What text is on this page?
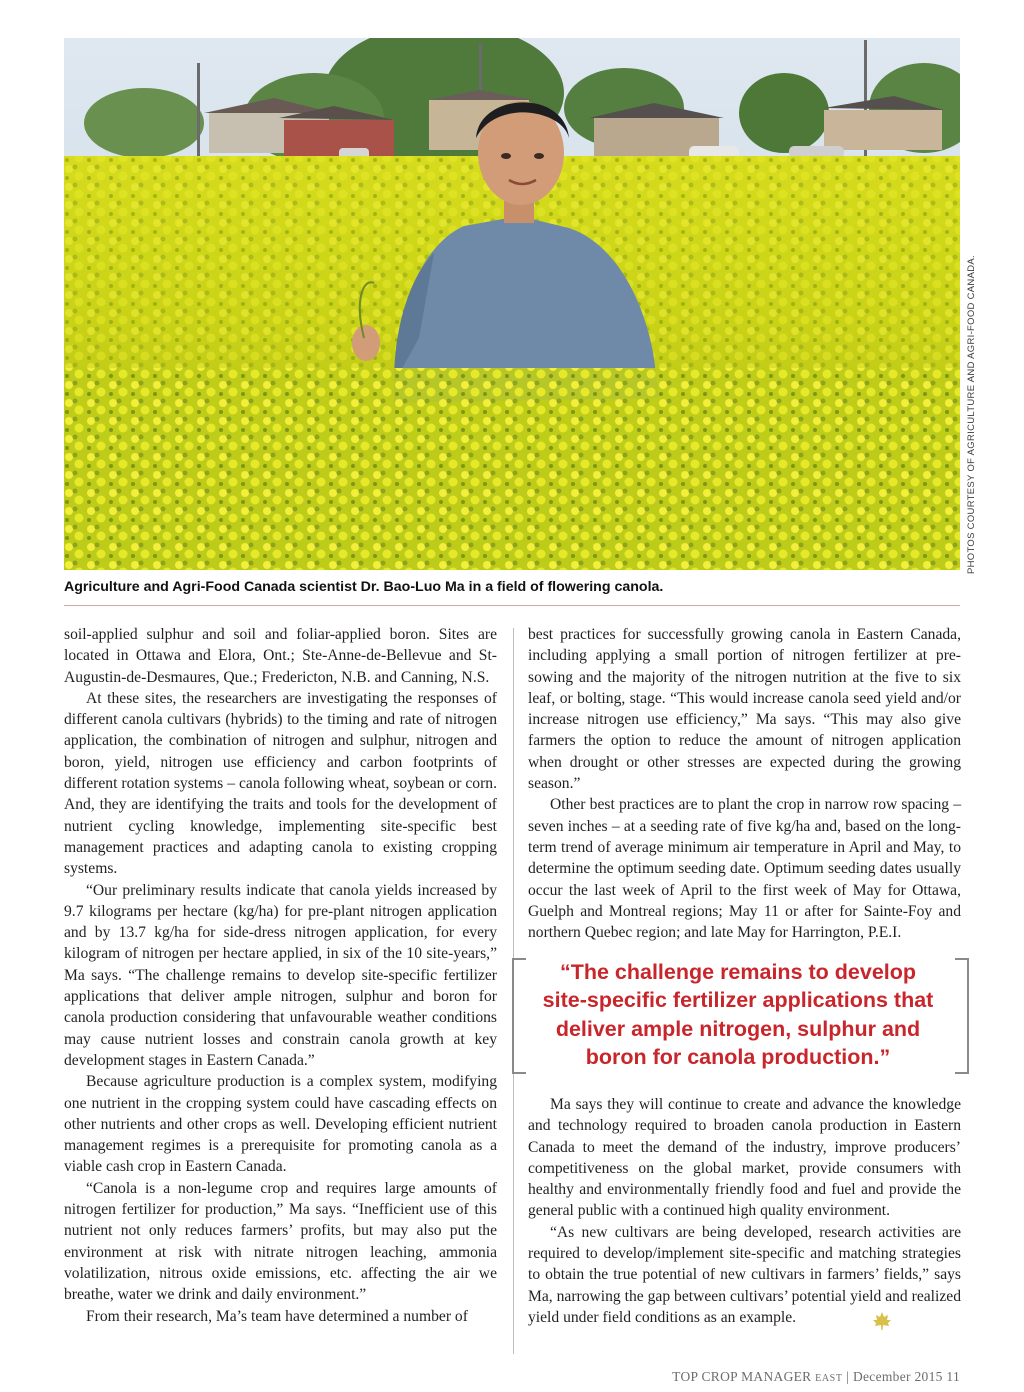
PHOTOS COURTESY OF AGRICULTURE AND AGRI-FOOD CANADA.
Agriculture and Agri-Food Canada scientist Dr. Bao-Luo Ma in a field of flowering canola.

soil-applied sulphur and soil and foliar-applied boron. Sites are located in Ottawa and Elora, Ont.; Ste-Anne-de-Bellevue and St-Augustin-de-Desmaures, Que.; Fredericton, N.B. and Canning, N.S.

At these sites, the researchers are investigating the responses of different canola cultivars (hybrids) to the timing and rate of nitrogen application, the combination of nitrogen and sulphur, nitrogen and boron, yield, nitrogen use efficiency and carbon footprints of different rotation systems – canola following wheat, soybean or corn. And, they are identifying the traits and tools for the development of nutrient cycling knowledge, implementing site-specific best management practices and adapting canola to existing cropping systems.

“Our preliminary results indicate that canola yields increased by 9.7 kilograms per hectare (kg/ha) for pre-plant nitrogen application and by 13.7 kg/ha for side-dress nitrogen application, for every kilogram of nitrogen per hectare applied, in six of the 10 site-years,” Ma says. “The challenge remains to develop site-specific fertilizer applications that deliver ample nitrogen, sulphur and boron for canola production considering that unfavourable weather conditions may cause nutrient losses and constrain canola growth at key development stages in Eastern Canada.”

Because agriculture production is a complex system, modifying one nutrient in the cropping system could have cascading effects on other nutrients and other crops as well. Developing efficient nutrient management regimes is a prerequisite for promoting canola as a viable cash crop in Eastern Canada.

“Canola is a non-legume crop and requires large amounts of nitrogen fertilizer for production,” Ma says. “Inefficient use of this nutrient not only reduces farmers’ profits, but may also put the environment at risk with nitrate nitrogen leaching, ammonia volatilization, nitrous oxide emissions, etc. affecting the air we breathe, water we drink and daily environment.”

From their research, Ma’s team have determined a number of

best practices for successfully growing canola in Eastern Canada, including applying a small portion of nitrogen fertilizer at pre-sowing and the majority of the nitrogen nutrition at the five to six leaf, or bolting, stage. “This would increase canola seed yield and/or increase nitrogen use efficiency,” Ma says. “This may also give farmers the option to reduce the amount of nitrogen application when drought or other stresses are expected during the growing season.”

Other best practices are to plant the crop in narrow row spacing – seven inches – at a seeding rate of five kg/ha and, based on the long-term trend of average minimum air temperature in April and May, to determine the optimum seeding date. Optimum seeding dates usually occur the last week of April to the first week of May for Ottawa, Guelph and Montreal regions; May 11 or after for Sainte-Foy and northern Quebec region; and late May for Harrington, P.E.I.

“The challenge remains to develop site-specific fertilizer applications that deliver ample nitrogen, sulphur and boron for canola production.”

Ma says they will continue to create and advance the knowledge and technology required to broaden canola production in Eastern Canada to meet the demand of the industry, improve producers’ competitiveness on the global market, provide consumers with healthy and environmentally friendly food and fuel and provide the general public with a continued high quality environment.

“As new cultivars are being developed, research activities are required to develop/implement site-specific and matching strategies to obtain the true potential of new cultivars in farmers’ fields,” says Ma, narrowing the gap between cultivars’ potential yield and realized yield under field conditions as an example.

TOP CROP MANAGER EAST | December 2015 11
